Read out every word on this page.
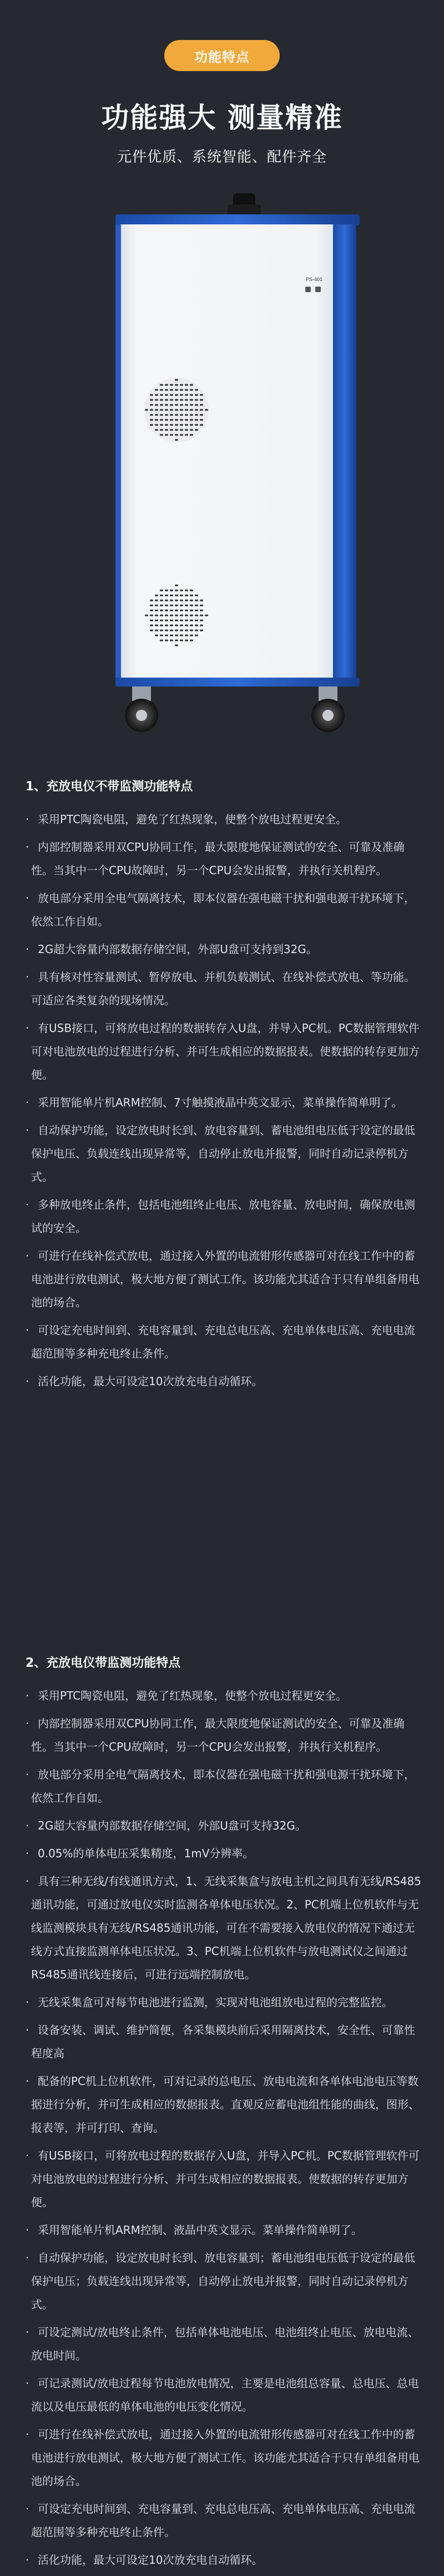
功能特点
功能强大 测量精准
元件优质、系统智能、配件齐全
PS-401
1、充放电仪不带监测功能特点
· 采用PTC陶瓷电阻，避免了红热现象，使整个放电过程更安全。
· 内部控制器采用双CPU协同工作，最大限度地保证测试的安全、可靠及准确性。当其中一个CPU故障时，另一个CPU会发出报警，并执行关机程序。
· 放电部分采用全电气隔离技术，即本仪器在强电磁干扰和强电源干扰环境下，依然工作自如。
· 2G超大容量内部数据存储空间，外部U盘可支持到32G。
· 具有核对性容量测试、暂停放电、并机负载测试、在线补偿式放电、等功能。可适应各类复杂的现场情况。
· 有USB接口，可将放电过程的数据转存入U盘，并导入PC机。PC数据管理软件可对电池放电的过程进行分析、并可生成相应的数据报表。使数据的转存更加方便。
· 采用智能单片机ARM控制、7寸触摸液晶中英文显示，菜单操作简单明了。
· 自动保护功能，设定放电时长到、放电容量到、蓄电池组电压低于设定的最低保护电压、负载连线出现异常等，自动停止放电并报警，同时自动记录停机方式。
· 多种放电终止条件，包括电池组终止电压、放电容量、放电时间，确保放电测试的安全。
· 可进行在线补偿式放电，通过接入外置的电流钳形传感器可对在线工作中的蓄电池进行放电测试，极大地方便了测试工作。该功能尤其适合于只有单组备用电池的场合。
· 可设定充电时间到、充电容量到、充电总电压高、充电单体电压高、充电电流超范围等多种充电终止条件。
· 活化功能，最大可设定10次放充电自动循环。
2、充放电仪带监测功能特点
· 采用PTC陶瓷电阻，避免了红热现象，使整个放电过程更安全。
· 内部控制器采用双CPU协同工作，最大限度地保证测试的安全、可靠及准确性。当其中一个CPU故障时，另一个CPU会发出报警，并执行关机程序。
· 放电部分采用全电气隔离技术，即本仪器在强电磁干扰和强电源干扰环境下，依然工作自如。
· 2G超大容量内部数据存储空间，外部U盘可支持32G。
· 0.05%的单体电压采集精度，1mV分辨率。
· 具有三种无线/有线通讯方式，1、无线采集盒与放电主机之间具有无线/RS485通讯功能，可通过放电仪实时监测各单体电压状况。2、PC机端上位机软件与无线监测模块具有无线/RS485通讯功能，可在不需要接入放电仪的情况下通过无线方式直接监测单体电压状况。3、PC机端上位机软件与放电测试仪之间通过RS485通讯线连接后，可进行远端控制放电。
· 无线采集盒可对每节电池进行监测，实现对电池组放电过程的完整监控。
· 设备安装、调试、维护简便，各采集模块前后采用隔离技术，安全性、可靠性程度高
· 配备的PC机上位机软件，可对记录的总电压、放电电流和各单体电池电压等数据进行分析，并可生成相应的数据报表。直观反应蓄电池组性能的曲线，图形、报表等，并可打印、查询。
· 有USB接口，可将放电过程的数据存入U盘，并导入PC机。PC数据管理软件可对电池放电的过程进行分析、并可生成相应的数据报表。使数据的转存更加方便。
· 采用智能单片机ARM控制、液晶中英文显示。菜单操作简单明了。
· 自动保护功能，设定放电时长到、放电容量到；蓄电池组电压低于设定的最低保护电压；负载连线出现异常等，自动停止放电并报警，同时自动记录停机方式。
· 可设定测试/放电终止条件，包括单体电池电压、电池组终止电压、放电电流、放电时间。
· 可记录测试/放电过程每节电池放电情况，主要是电池组总容量、总电压、总电流以及电压最低的单体电池的电压变化情况。
· 可进行在线补偿式放电，通过接入外置的电流钳形传感器可对在线工作中的蓄电池进行放电测试，极大地方便了测试工作。该功能尤其适合于只有单组备用电池的场合。
· 可设定充电时间到、充电容量到、充电总电压高、充电单体电压高、充电电流超范围等多种充电终止条件。
· 活化功能，最大可设定10次放充电自动循环。
